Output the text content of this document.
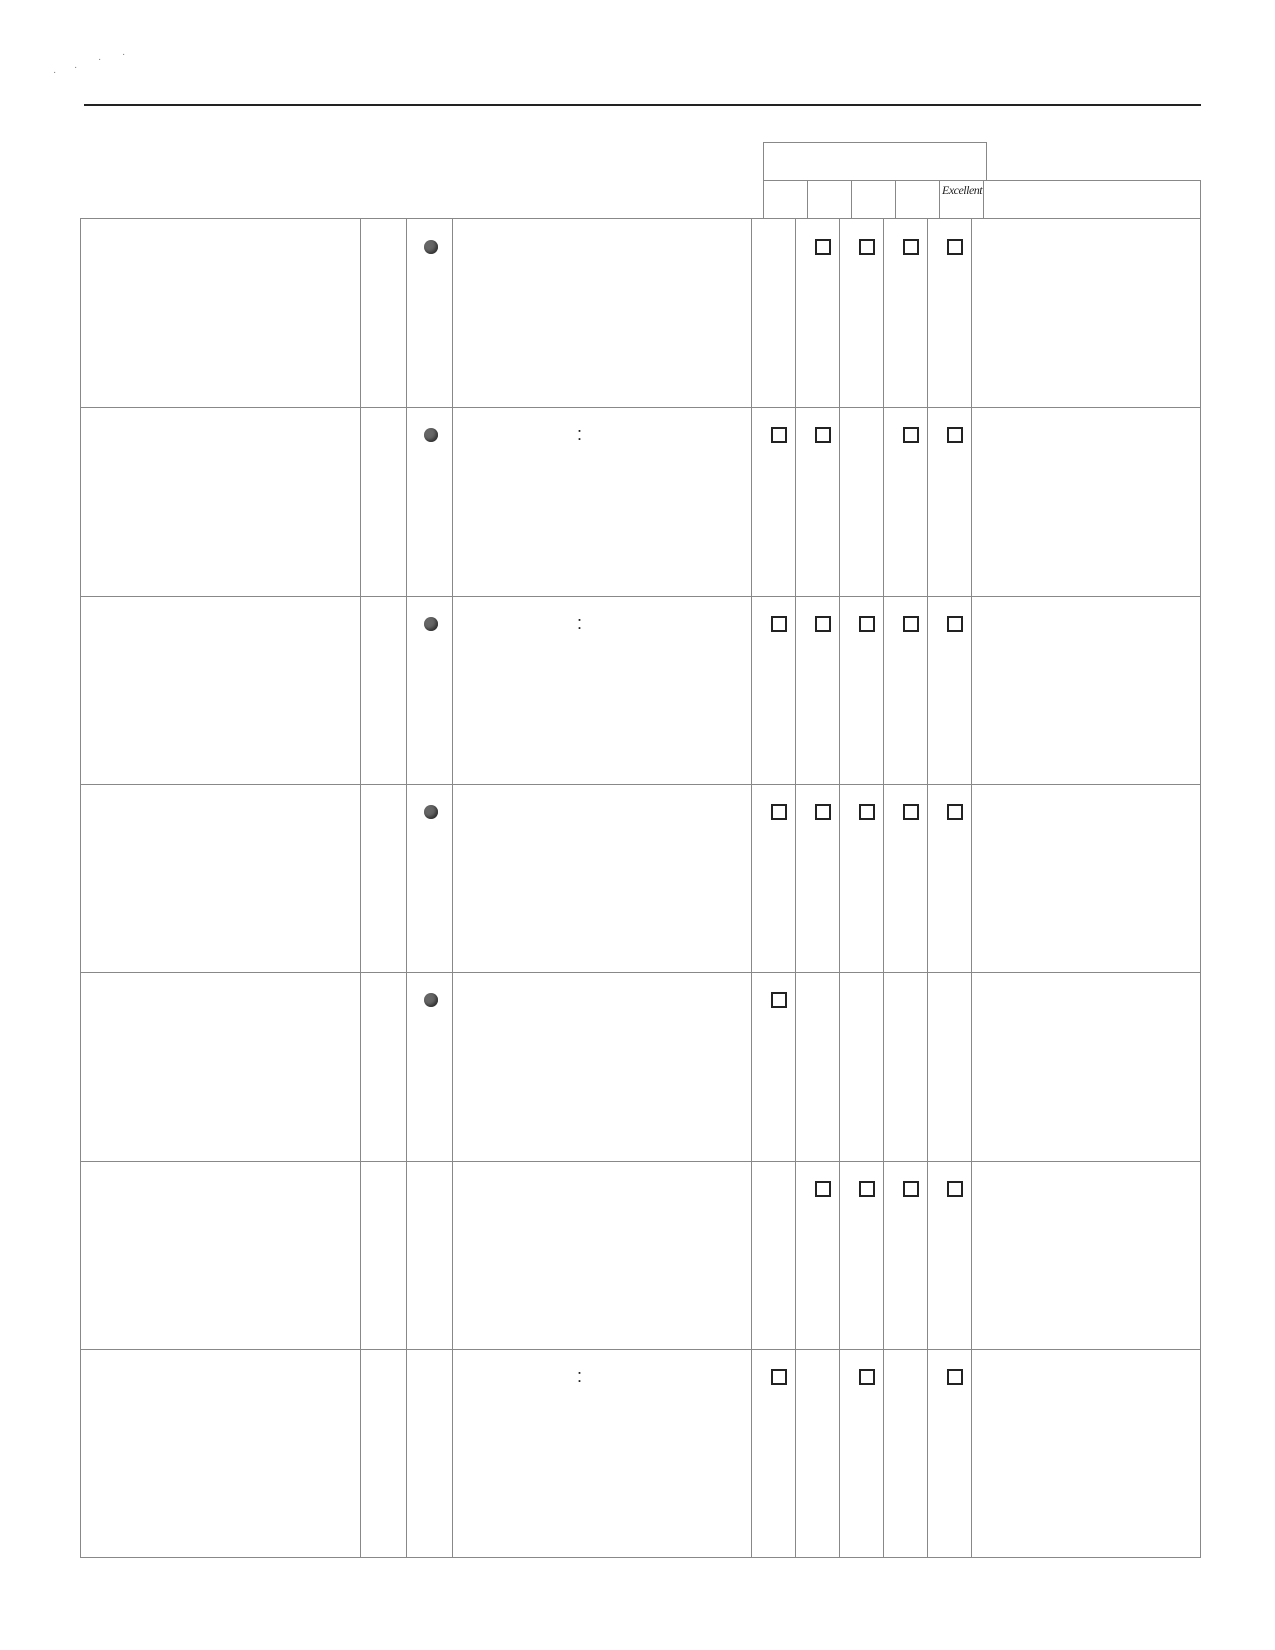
· ·
· ·
Excellent
:
:
:
